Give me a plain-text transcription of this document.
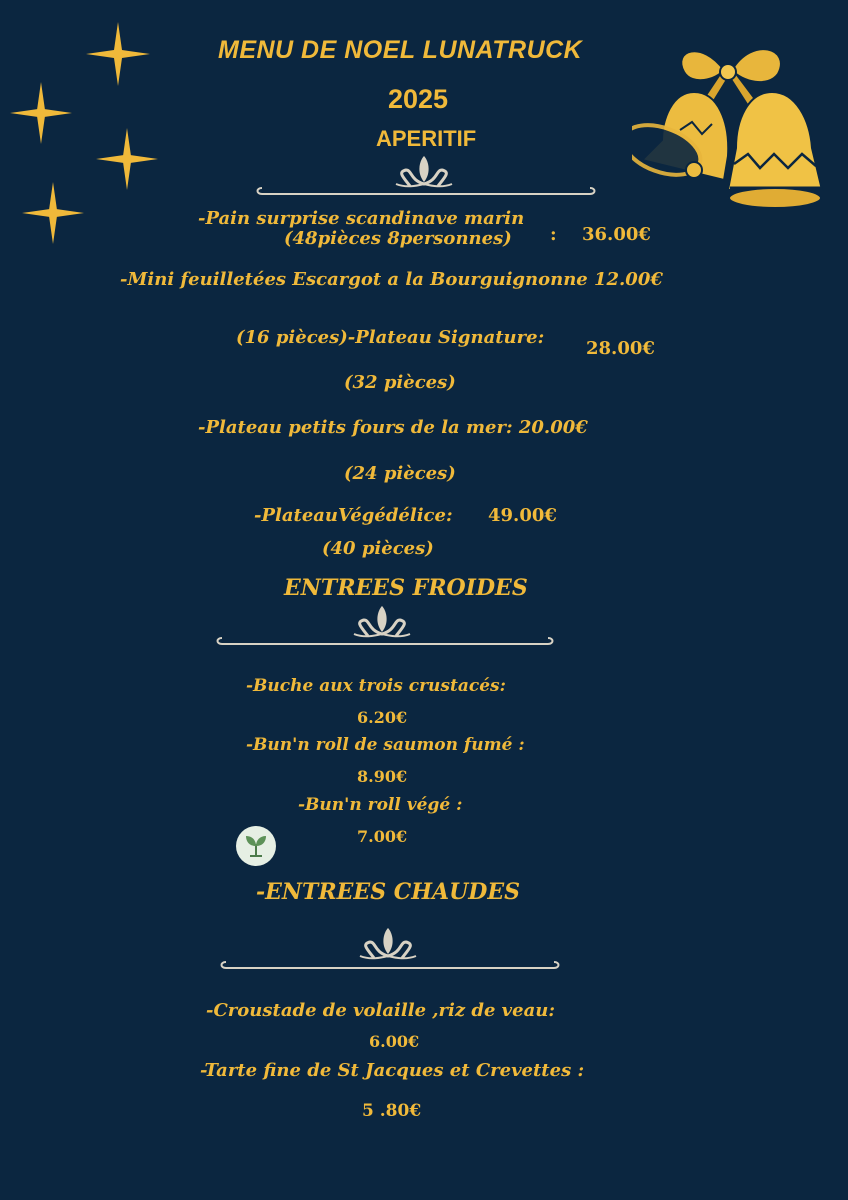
MENU DE NOEL LUNATRUCK
2025
APERITIF
-Pain surprise scandinave marin
(48pièces 8personnes) : 36.00€
-Mini feuilletées Escargot a la Bourguignonne 12.00€
(16 pièces)-Plateau Signature:
28.00€
(32 pièces)
-Plateau petits fours de la mer: 20.00€
(24 pièces)
-PlateauVégédélice: 49.00€
(40 pièces)
ENTREES FROIDES
-Buche aux trois crustacés:
6.20€
-Bun'n roll de saumon fumé :
8.90€
-Bun'n roll végé :
7.00€
-ENTREES CHAUDES
-Croustade de volaille ,riz de veau:
6.00€
-Tarte fine de St Jacques et Crevettes :
5 .80€
